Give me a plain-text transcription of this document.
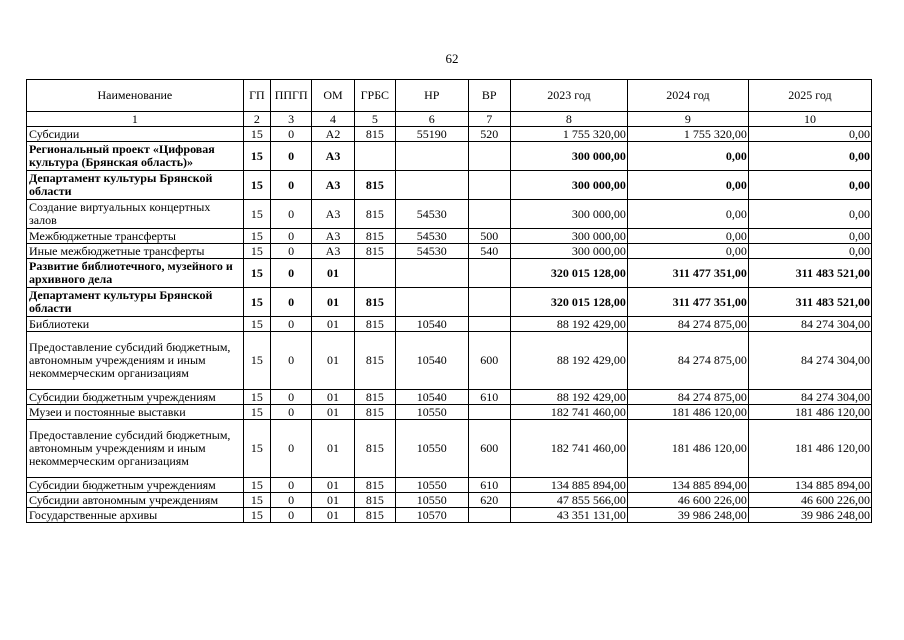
62
Наименование	ГП	ППГП	ОМ	ГРБС	НР	ВР	2023 год	2024 год	2025 год
1	2	3	4	5	6	7	8	9	10
Субсидии	15	0	А2	815	55190	520	1 755 320,00	1 755 320,00	0,00
Региональный проект «Цифровая культура (Брянская область)»	15	0	А3				300 000,00	0,00	0,00
Департамент культуры Брянской области	15	0	А3	815			300 000,00	0,00	0,00
Создание виртуальных концертных залов	15	0	А3	815	54530		300 000,00	0,00	0,00
Межбюджетные трансферты	15	0	А3	815	54530	500	300 000,00	0,00	0,00
Иные межбюджетные трансферты	15	0	А3	815	54530	540	300 000,00	0,00	0,00
Развитие библиотечного, музейного и архивного дела	15	0	01				320 015 128,00	311 477 351,00	311 483 521,00
Департамент культуры Брянской области	15	0	01	815			320 015 128,00	311 477 351,00	311 483 521,00
Библиотеки	15	0	01	815	10540		88 192 429,00	84 274 875,00	84 274 304,00
Предоставление субсидий бюджетным, автономным учреждениям и иным некоммерческим организациям	15	0	01	815	10540	600	88 192 429,00	84 274 875,00	84 274 304,00
Субсидии бюджетным учреждениям	15	0	01	815	10540	610	88 192 429,00	84 274 875,00	84 274 304,00
Музеи и постоянные выставки	15	0	01	815	10550		182 741 460,00	181 486 120,00	181 486 120,00
Предоставление субсидий бюджетным, автономным учреждениям и иным некоммерческим организациям	15	0	01	815	10550	600	182 741 460,00	181 486 120,00	181 486 120,00
Субсидии бюджетным учреждениям	15	0	01	815	10550	610	134 885 894,00	134 885 894,00	134 885 894,00
Субсидии автономным учреждениям	15	0	01	815	10550	620	47 855 566,00	46 600 226,00	46 600 226,00
Государственные архивы	15	0	01	815	10570		43 351 131,00	39 986 248,00	39 986 248,00
